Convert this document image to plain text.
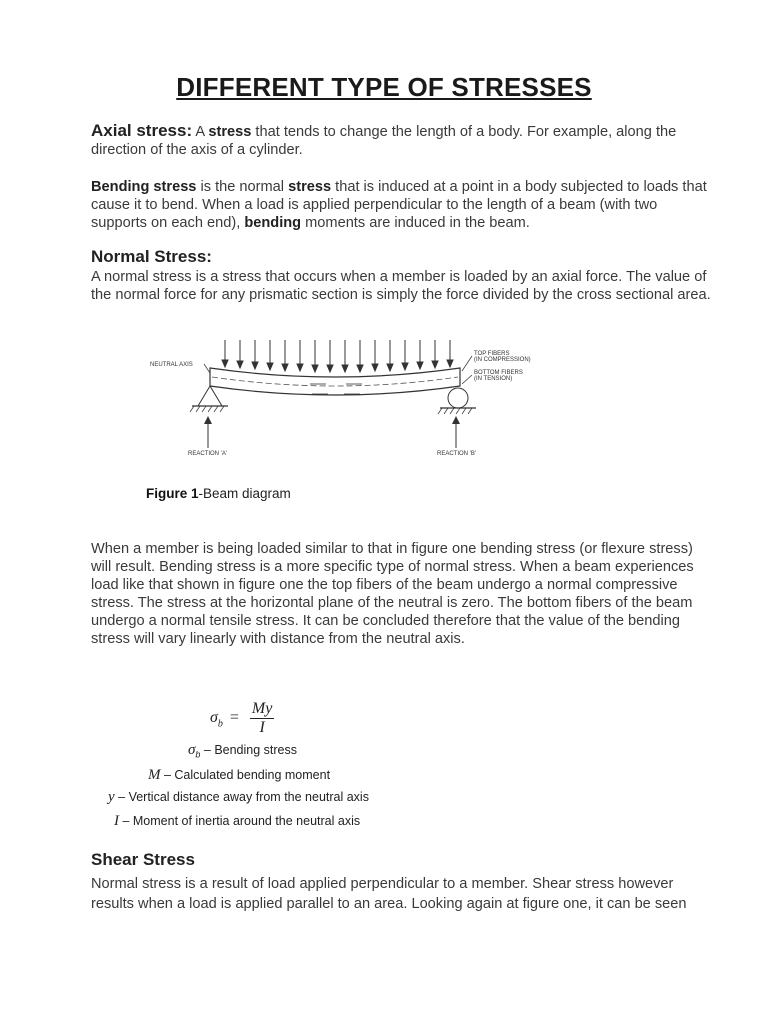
DIFFERENT TYPE OF STRESSES
Axial stress: A stress that tends to change the length of a body. For example, along the direction of the axis of a cylinder.
Bending stress is the normal stress that is induced at a point in a body subjected to loads that cause it to bend. When a load is applied perpendicular to the length of a beam (with two supports on each end), bending moments are induced in the beam.
Normal Stress:
A normal stress is a stress that occurs when a member is loaded by an axial force. The value of the normal force for any prismatic section is simply the force divided by the cross sectional area.
NEUTRAL AXIS
TOP FIBERS
(IN COMPRESSION)
BOTTOM FIBERS
(IN TENSION)
REACTION 'A'	REACTION 'B'
Figure 1-Beam diagram
When a member is being loaded similar to that in figure one bending stress (or flexure stress) will result. Bending stress is a more specific type of normal stress. When a beam experiences load like that shown in figure one the top fibers of the beam undergo a normal compressive stress. The stress at the horizontal plane of the neutral is zero. The bottom fibers of the beam undergo a normal tensile stress. It can be concluded therefore that the value of the bending stress will vary linearly with distance from the neutral axis.
$\sigma_b = \frac{My}{I}$
$\sigma_b$ – Bending stress
M – Calculated bending moment
y – Vertical distance away from the neutral axis
I – Moment of inertia around the neutral axis
Shear Stress
Normal stress is a result of load applied perpendicular to a member. Shear stress however results when a load is applied parallel to an area. Looking again at figure one, it can be seen
